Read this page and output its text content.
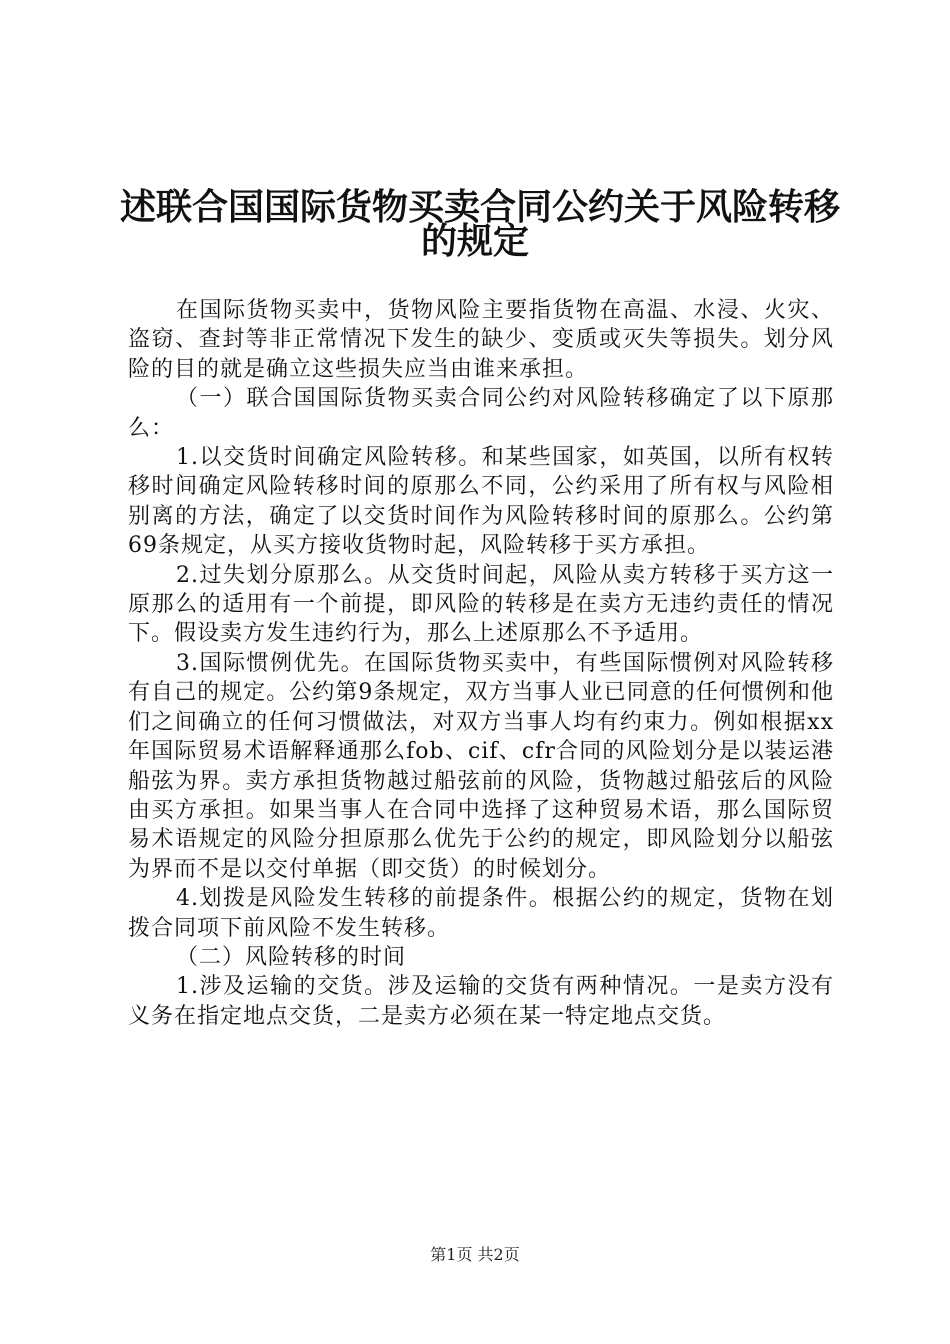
述联合国国际货物买卖合同公约关于风险转移
的规定

在国际货物买卖中，货物风险主要指货物在高温、水浸、火灾、盗窃、查封等非正常情况下发生的缺少、变质或灭失等损失。划分风险的目的就是确立这些损失应当由谁来承担。

（一）联合国国际货物买卖合同公约对风险转移确定了以下原那么：

1.以交货时间确定风险转移。和某些国家，如英国，以所有权转移时间确定风险转移时间的原那么不同，公约采用了所有权与风险相别离的方法，确定了以交货时间作为风险转移时间的原那么。公约第69条规定，从买方接收货物时起，风险转移于买方承担。

2.过失划分原那么。从交货时间起，风险从卖方转移于买方这一原那么的适用有一个前提，即风险的转移是在卖方无违约责任的情况下。假设卖方发生违约行为，那么上述原那么不予适用。

3.国际惯例优先。在国际货物买卖中，有些国际惯例对风险转移有自己的规定。公约第9条规定，双方当事人业已同意的任何惯例和他们之间确立的任何习惯做法，对双方当事人均有约束力。例如根据xx年国际贸易术语解释通那么fob、cif、cfr合同的风险划分是以装运港船弦为界。卖方承担货物越过船弦前的风险，货物越过船弦后的风险由买方承担。如果当事人在合同中选择了这种贸易术语，那么国际贸易术语规定的风险分担原那么优先于公约的规定，即风险划分以船弦为界而不是以交付单据（即交货）的时候划分。

4.划拨是风险发生转移的前提条件。根据公约的规定，货物在划拨合同项下前风险不发生转移。

（二）风险转移的时间

1.涉及运输的交货。涉及运输的交货有两种情况。一是卖方没有义务在指定地点交货，二是卖方必须在某一特定地点交货。

第1页 共2页
